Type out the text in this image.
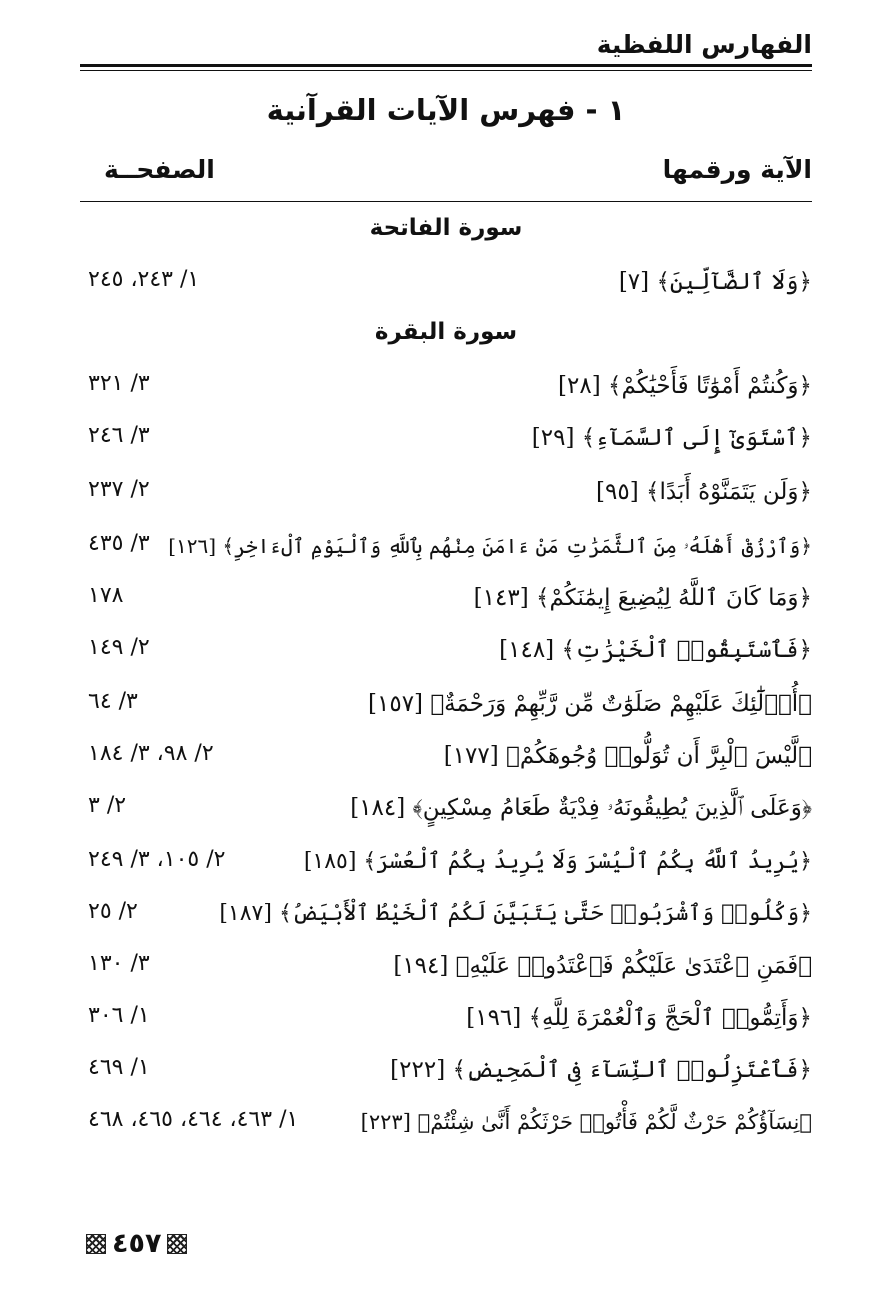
الفهارس اللفظية
١ - فهرس الآيات القرآنية
الآية ورقمها
الصفحــة
سورة الفاتحة
﴿وَلَا ٱلضَّآلِّينَ﴾ [٧]
١/ ٢٤٣، ٢٤٥
سورة البقرة
﴿وَكُنتُمْ أَمْوَٰتًا فَأَحْيَٰكُمْ﴾ [٢٨]
٣/ ٣٢١
﴿ٱسْتَوَىٰٓ إِلَى ٱلسَّمَآءِ﴾ [٢٩]
٣/ ٢٤٦
﴿وَلَن يَتَمَنَّوْهُ أَبَدًا﴾ [٩٥]
٢/ ٢٣٧
﴿وَٱرْزُقْ أَهْلَهُۥ مِنَ ٱلثَّمَرَٰتِ مَنْ ءَامَنَ مِنْهُم بِٱللَّهِ وَٱلْيَوْمِ ٱلْءَاخِرِ﴾ [١٢٦]
٣/ ٤٣٥
﴿وَمَا كَانَ ٱللَّهُ لِيُضِيعَ إِيمَٰنَكُمْ﴾ [١٤٣]
١٧٨
﴿فَٱسْتَبِقُوا۟ ٱلْخَيْرَٰتِ﴾ [١٤٨]
٢/ ١٤٩
﴿أُو۟لَٰٓئِكَ عَلَيْهِمْ صَلَوَٰتٌ مِّن رَّبِّهِمْ وَرَحْمَةٌ﴾ [١٥٧]
٣/ ٦٤
﴿لَّيْسَ ٱلْبِرَّ أَن تُوَلُّوا۟ وُجُوهَكُمْ﴾ [١٧٧]
٢/ ٩٨، ٣/ ١٨٤
﴿وَعَلَى ٱلَّذِينَ يُطِيقُونَهُۥ فِدْيَةٌ طَعَامُ مِسْكِينٍ﴾ [١٨٤]
٢/ ٣
﴿يُرِيدُ ٱللَّهُ بِكُمُ ٱلْيُسْرَ وَلَا يُرِيدُ بِكُمُ ٱلْعُسْرَ﴾ [١٨٥]
٢/ ١٠٥، ٣/ ٢٤٩
﴿وَكُلُوا۟ وَٱشْرَبُوا۟ حَتَّىٰ يَتَبَيَّنَ لَكُمُ ٱلْخَيْطُ ٱلْأَبْيَضُ﴾ [١٨٧]
٢/ ٢٥
﴿فَمَنِ ٱعْتَدَىٰ عَلَيْكُمْ فَٱعْتَدُوا۟ عَلَيْهِ﴾ [١٩٤]
٣/ ١٣٠
﴿وَأَتِمُّوا۟ ٱلْحَجَّ وَٱلْعُمْرَةَ لِلَّهِ﴾ [١٩٦]
١/ ٣٠٦
﴿فَٱعْتَزِلُوا۟ ٱلنِّسَآءَ فِى ٱلْمَحِيضِ﴾ [٢٢٢]
١/ ٤٦٩
﴿نِسَآؤُكُمْ حَرْثٌ لَّكُمْ فَأْتُوا۟ حَرْثَكُمْ أَنَّىٰ شِئْتُمْ﴾ [٢٢٣]
١/ ٤٦٣، ٤٦٤، ٤٦٥، ٤٦٨
٤٥٧
